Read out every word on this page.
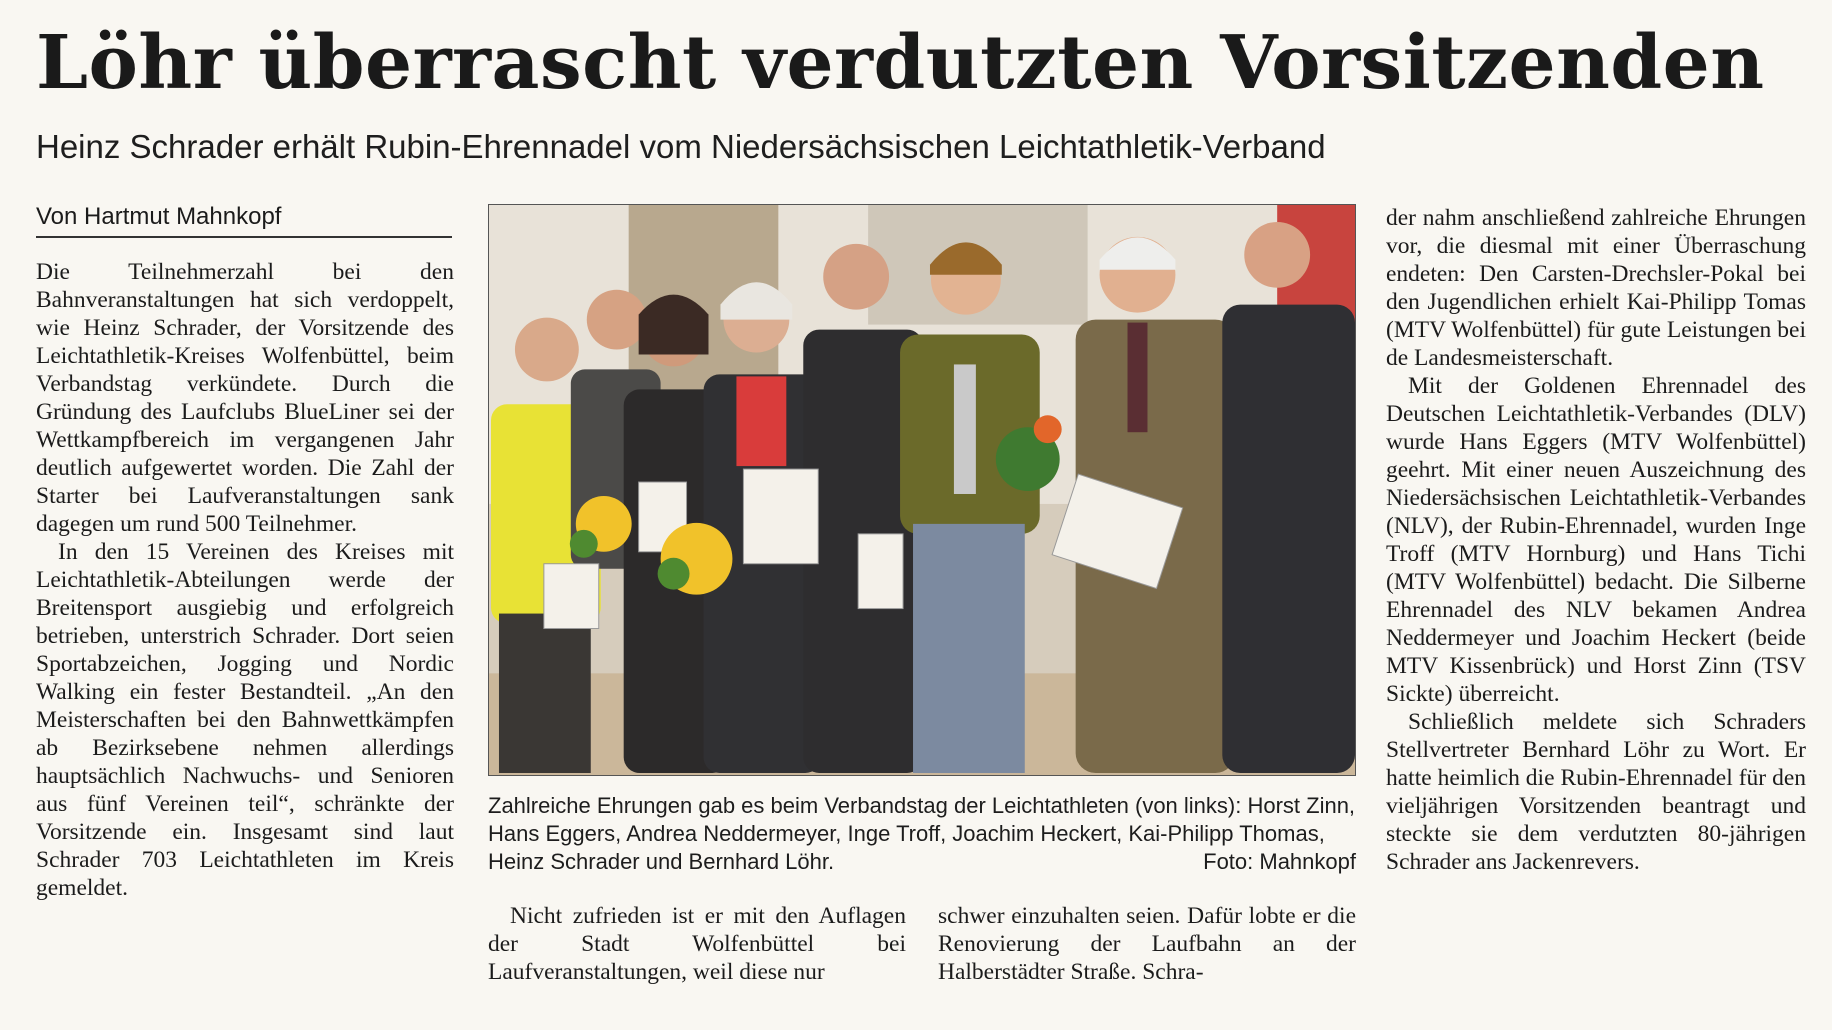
Löhr überrascht verdutzten Vorsitzenden
Heinz Schrader erhält Rubin-Ehrennadel vom Niedersächsischen Leichtathletik-Verband
Von Hartmut Mahnkopf

Die Teilnehmerzahl bei den Bahnveranstaltungen hat sich verdoppelt, wie Heinz Schrader, der Vorsitzende des Leichtathletik-Kreises Wolfenbüttel, beim Verbandstag verkündete. Durch die Gründung des Laufclubs BlueLiner sei der Wettkampfbereich im vergangenen Jahr deutlich aufgewertet worden. Die Zahl der Starter bei Laufveranstaltungen sank dagegen um rund 500 Teilnehmer.

In den 15 Vereinen des Kreises mit Leichtathletik-Abteilungen werde der Breitensport ausgiebig und erfolgreich betrieben, unterstrich Schrader. Dort seien Sportabzeichen, Jogging und Nordic Walking ein fester Bestandteil. „An den Meisterschaften bei den Bahnwettkämpfen ab Bezirksebene nehmen allerdings hauptsächlich Nachwuchs- und Senioren aus fünf Vereinen teil“, schränkte der Vorsitzende ein. Insgesamt sind laut Schrader 703 Leichtathleten im Kreis gemeldet.

Zahlreiche Ehrungen gab es beim Verbandstag der Leichtathleten (von links): Horst Zinn, Hans Eggers, Andrea Neddermeyer, Inge Troff, Joachim Heckert, Kai-Philipp Thomas, Heinz Schrader und Bernhard Löhr.	Foto: Mahnkopf

Nicht zufrieden ist er mit den Auflagen der Stadt Wolfenbüttel bei Laufveranstaltungen, weil diese nur

schwer einzuhalten seien. Dafür lobte er die Renovierung der Laufbahn an der Halberstädter Straße. Schra-

der nahm anschließend zahlreiche Ehrungen vor, die diesmal mit einer Überraschung endeten: Den Carsten-Drechsler-Pokal bei den Jugendlichen erhielt Kai-Philipp Tomas (MTV Wolfenbüttel) für gute Leistungen bei de Landesmeisterschaft.

Mit der Goldenen Ehrennadel des Deutschen Leichtathletik-Verbandes (DLV) wurde Hans Eggers (MTV Wolfenbüttel) geehrt. Mit einer neuen Auszeichnung des Niedersächsischen Leichtathletik-Verbandes (NLV), der Rubin-Ehrennadel, wurden Inge Troff (MTV Hornburg) und Hans Tichi (MTV Wolfenbüttel) bedacht. Die Silberne Ehrennadel des NLV bekamen Andrea Neddermeyer und Joachim Heckert (beide MTV Kissenbrück) und Horst Zinn (TSV Sickte) überreicht.

Schließlich meldete sich Schraders Stellvertreter Bernhard Löhr zu Wort. Er hatte heimlich die Rubin-Ehrennadel für den vieljährigen Vorsitzenden beantragt und steckte sie dem verdutzten 80-jährigen Schrader ans Jackenrevers.
